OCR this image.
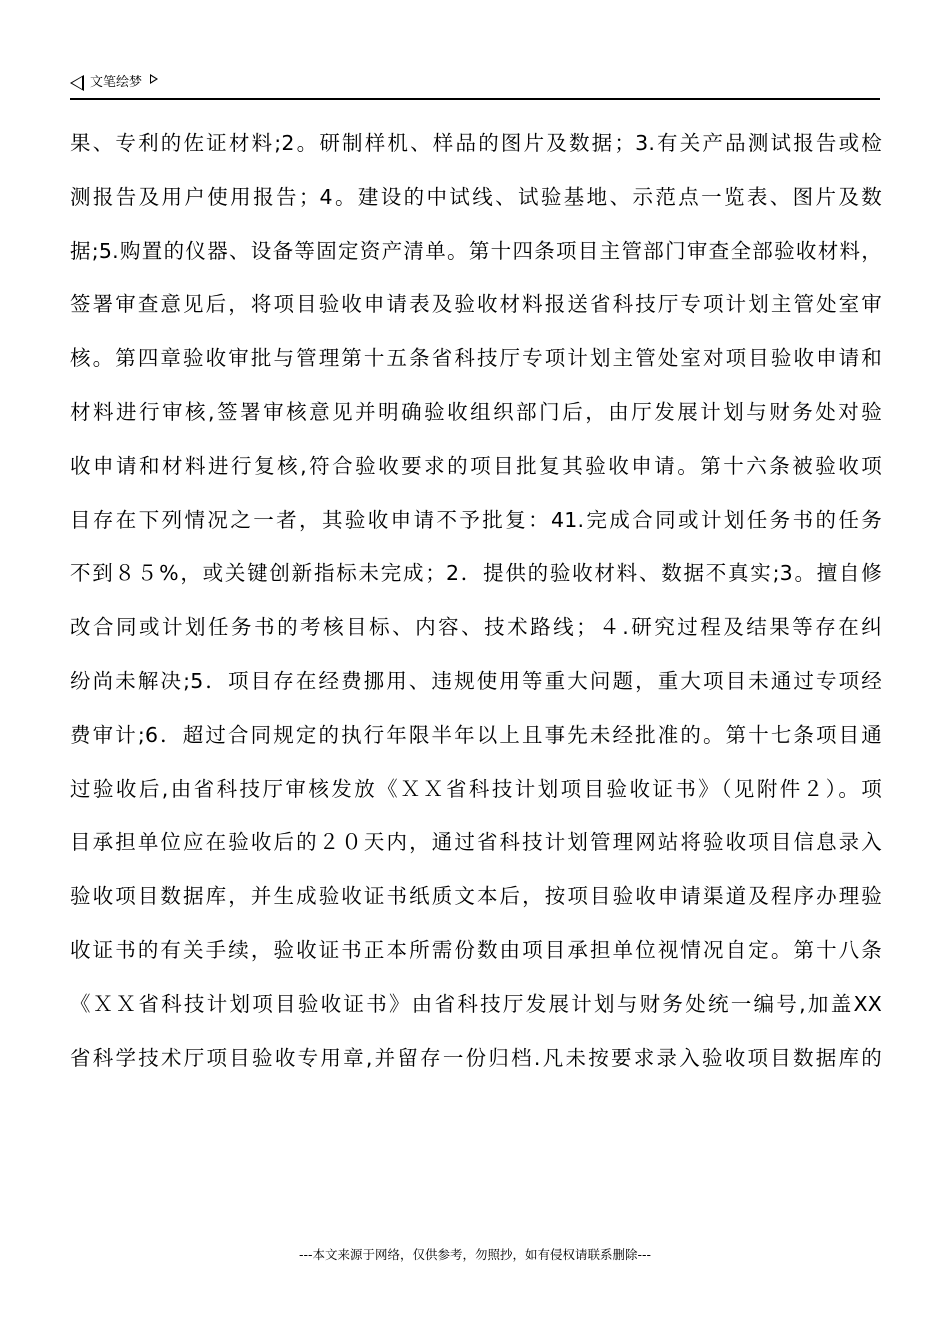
文笔绘梦
果、专利的佐证材料;2。研制样机、样品的图片及数据；3.有关产品测试报告或检
测报告及用户使用报告；4。建设的中试线、试验基地、示范点一览表、图片及数
据;5.购置的仪器、设备等固定资产清单。第十四条项目主管部门审查全部验收材料，
签署审查意见后，将项目验收申请表及验收材料报送省科技厅专项计划主管处室审
核。第四章验收审批与管理第十五条省科技厅专项计划主管处室对项目验收申请和
材料进行审核,签署审核意见并明确验收组织部门后，由厅发展计划与财务处对验
收申请和材料进行复核,符合验收要求的项目批复其验收申请。第十六条被验收项
目存在下列情况之一者，其验收申请不予批复：41.完成合同或计划任务书的任务
不到８５%，或关键创新指标未完成；2．提供的验收材料、数据不真实;3。擅自修
改合同或计划任务书的考核目标、内容、技术路线；４.研究过程及结果等存在纠
纷尚未解决;5．项目存在经费挪用、违规使用等重大问题，重大项目未通过专项经
费审计;6．超过合同规定的执行年限半年以上且事先未经批准的。第十七条项目通
过验收后,由省科技厅审核发放《ＸＸ省科技计划项目验收证书》（见附件２）。项
目承担单位应在验收后的２０天内，通过省科技计划管理网站将验收项目信息录入
验收项目数据库，并生成验收证书纸质文本后，按项目验收申请渠道及程序办理验
收证书的有关手续，验收证书正本所需份数由项目承担单位视情况自定。第十八条
《ＸＸ省科技计划项目验收证书》由省科技厅发展计划与财务处统一编号,加盖XX
省科学技术厅项目验收专用章,并留存一份归档.凡未按要求录入验收项目数据库的
---本文来源于网络，仅供参考，勿照抄，如有侵权请联系删除---
